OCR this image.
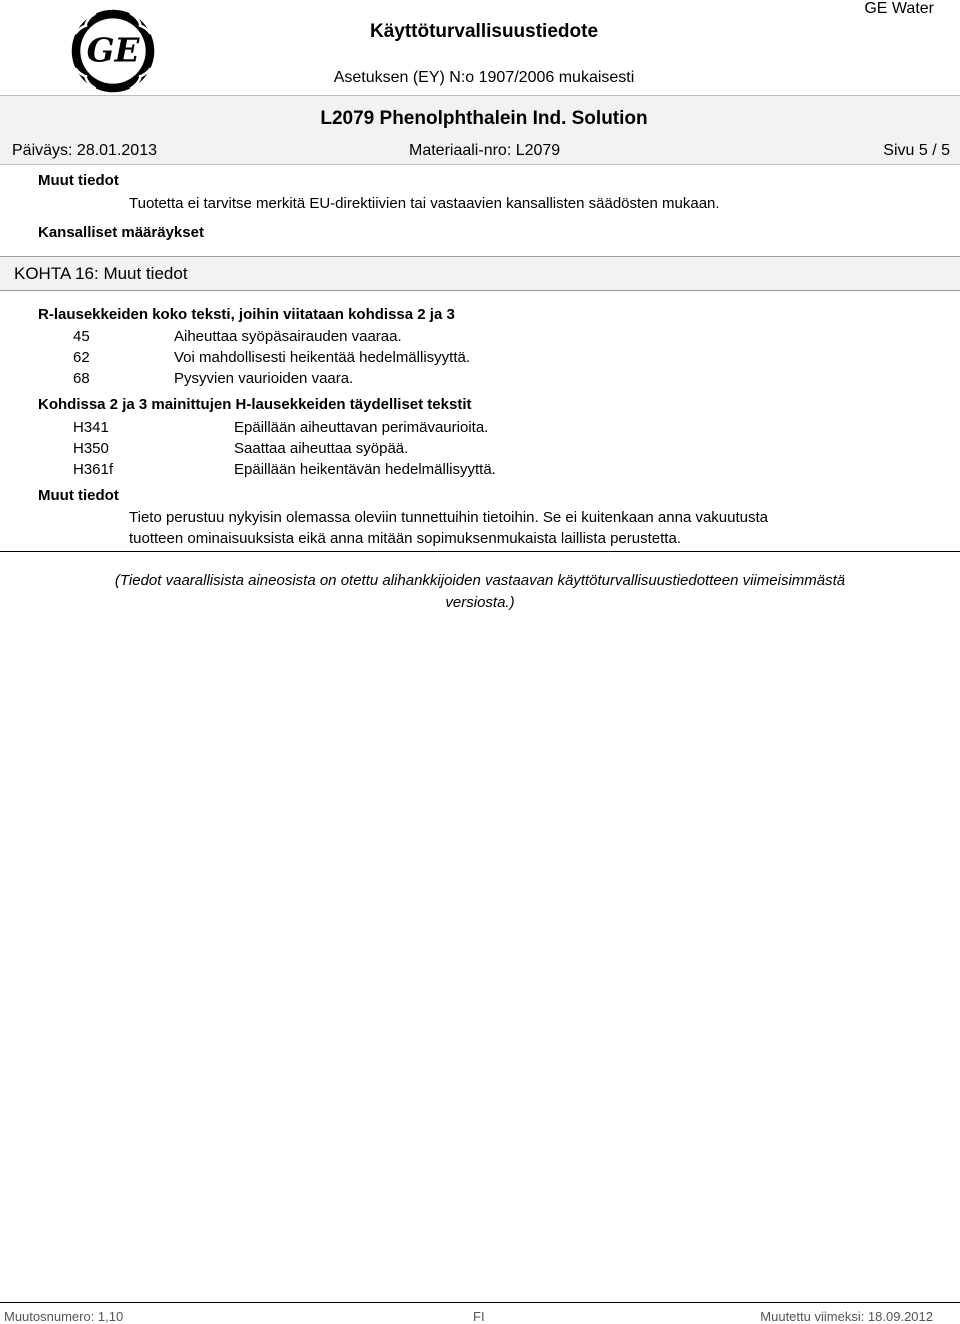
GE	Käyttöturvallisuustiedote
GE Water
Asetuksen (EY) N:o 1907/2006 mukaisesti
L2079 Phenolphthalein Ind. Solution
Päiväys: 28.01.2013	Materiaali-nro: L2079	Sivu 5 / 5
Muut tiedot
Tuotetta ei tarvitse merkitä EU-direktiivien tai vastaavien kansallisten säädösten mukaan.
Kansalliset määräykset
KOHTA 16: Muut tiedot
R-lausekkeiden koko teksti, joihin viitataan kohdissa 2 ja 3
45	Aiheuttaa syöpäsairauden vaaraa.
62	Voi mahdollisesti heikentää hedelmällisyyttä.
68	Pysyvien vaurioiden vaara.
Kohdissa 2 ja 3 mainittujen H-lausekkeiden täydelliset tekstit
H341	Epäillään aiheuttavan perimävaurioita.
H350	Saattaa aiheuttaa syöpää.
H361f	Epäillään heikentävän hedelmällisyyttä.
Muut tiedot
Tieto perustuu nykyisin olemassa oleviin tunnettuihin tietoihin. Se ei kuitenkaan anna vakuutusta
tuotteen ominaisuuksista eikä anna mitään sopimuksenmukaista laillista perustetta.
(Tiedot vaarallisista aineosista on otettu alihankkijoiden vastaavan käyttöturvallisuustiedotteen viimeisimmästä
versiosta.)
Muutosnumero: 1,10	FI	Muutettu viimeksi: 18.09.2012
